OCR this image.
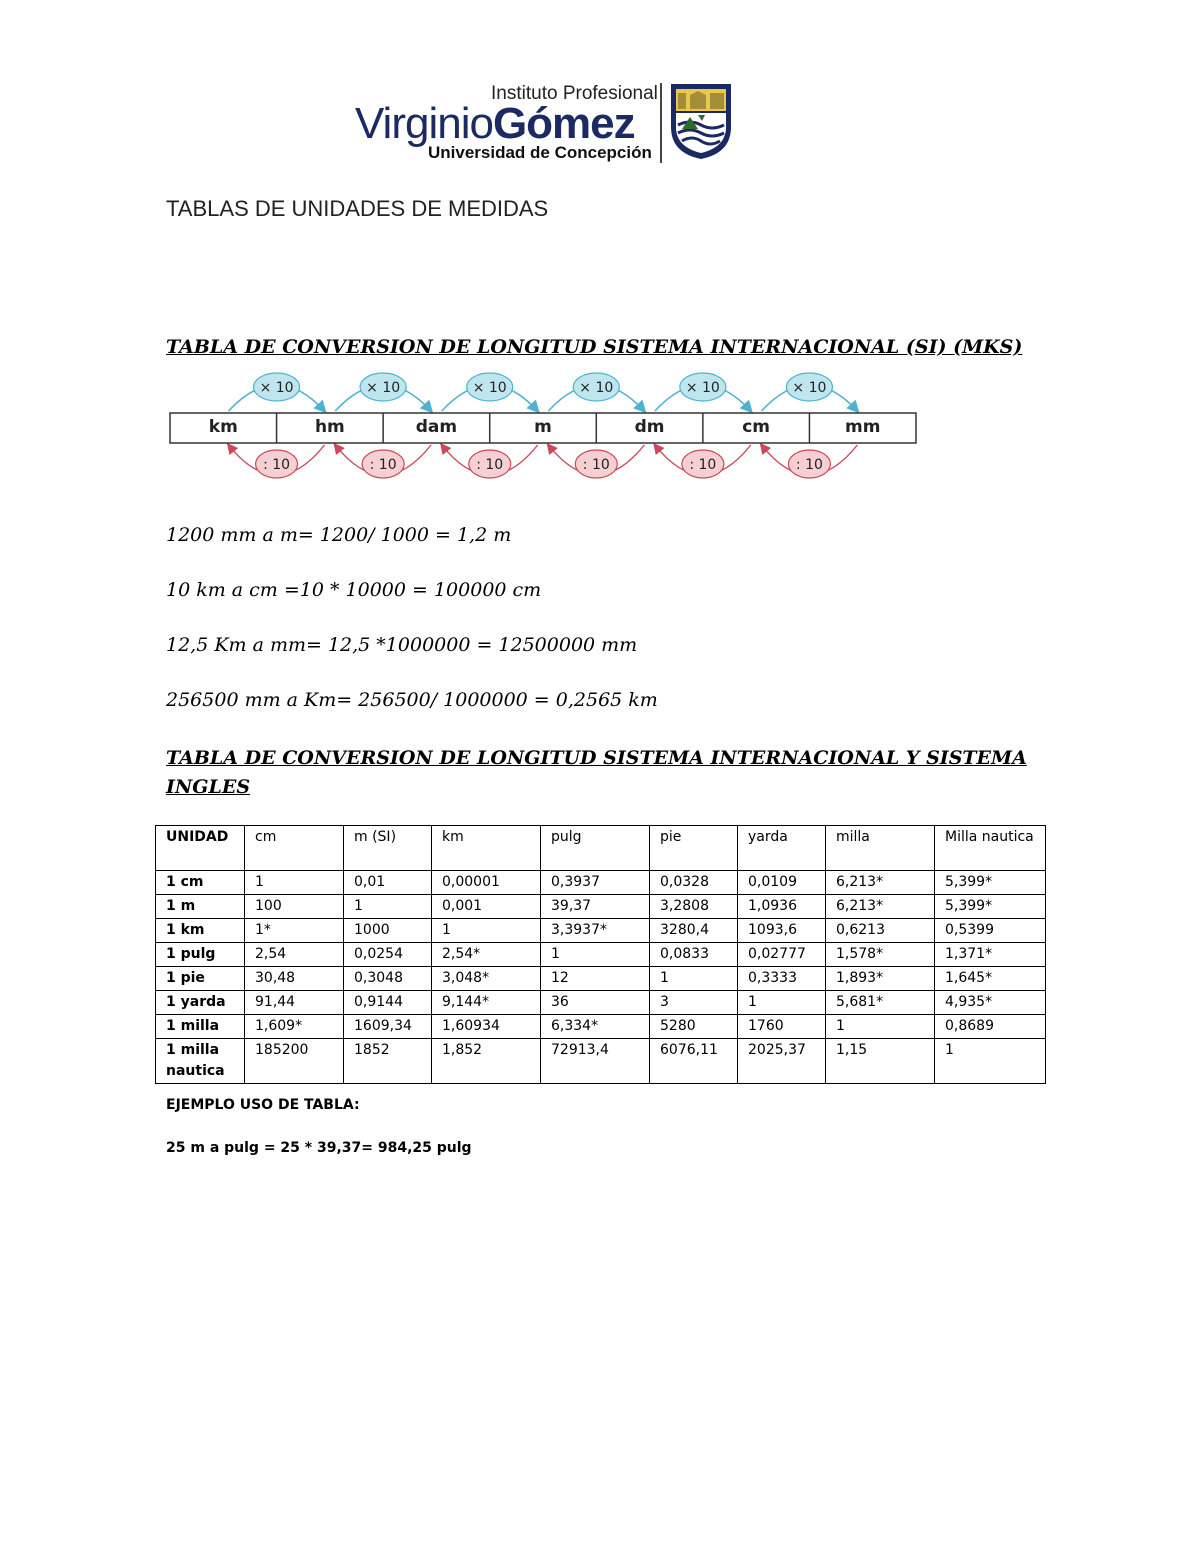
Instituto Profesional
VirginioGómez
Universidad de Concepción
TABLAS DE UNIDADES DE MEDIDAS
TABLA DE CONVERSION DE LONGITUD SISTEMA INTERNACIONAL (SI) (MKS)
× 10
: 10
× 10
: 10
× 10
: 10
× 10
: 10
× 10
: 10
× 10
: 10
km	hm	dam	m	dm	cm	mm
1200 mm a m= 1200/ 1000 = 1,2 m
10 km a cm =10 * 10000 = 100000 cm
12,5 Km a mm= 12,5 *1000000 = 12500000 mm
256500 mm a Km= 256500/ 1000000 = 0,2565 km
TABLA DE CONVERSION DE LONGITUD SISTEMA INTERNACIONAL Y SISTEMA
INGLES
UNIDAD	cm	m (SI)	km	pulg	pie	yarda	milla	Milla nautica
1 cm	1	0,01	0,00001	0,3937	0,0328	0,0109	6,213*	5,399*
1 m	100	1	0,001	39,37	3,2808	1,0936	6,213*	5,399*
1 km	1*	1000	1	3,3937*	3280,4	1093,6	0,6213	0,5399
1 pulg	2,54	0,0254	2,54*	1	0,0833	0,02777	1,578*	1,371*
1 pie	30,48	0,3048	3,048*	12	1	0,3333	1,893*	1,645*
1 yarda	91,44	0,9144	9,144*	36	3	1	5,681*	4,935*
1 milla	1,609*	1609,34	1,60934	6,334*	5280	1760	1	0,8689
1 milla nautica	185200	1852	1,852	72913,4	6076,11	2025,37	1,15	1
EJEMPLO USO DE TABLA:
25 m a pulg = 25 * 39,37= 984,25 pulg
